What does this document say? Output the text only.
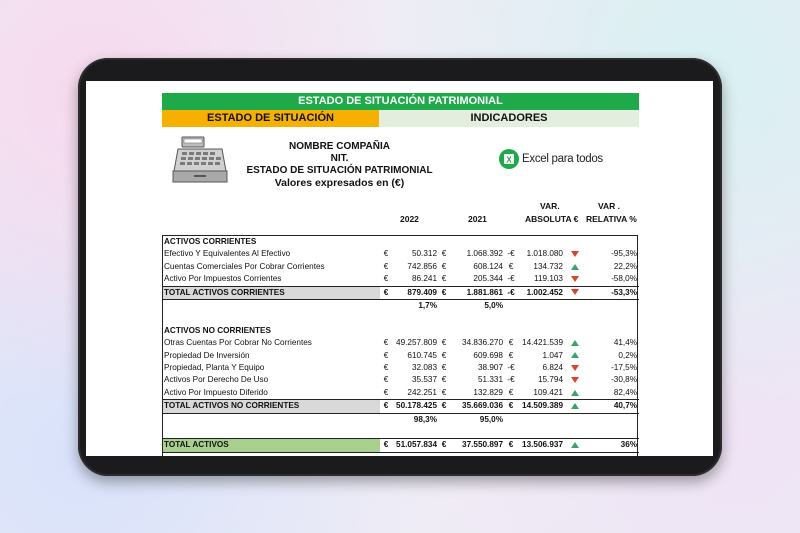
ESTADO DE SITUACIÓN PATRIMONIAL
ESTADO DE SITUACIÓN	INDICADORES
NOMBRE COMPAÑIA
NIT.
ESTADO DE SITUACIÓN PATRIMONIAL
Valores expresados en (€)
X Excel para todos
2022	2021
VAR.
ABSOLUTA €
VAR .
RELATIVA %
ACTIVOS CORRIENTES								
Efectivo Y Equivalentes Al Efectivo	€	50.312	€	1.068.392	-€	1.018.080		-95,3%
Cuentas Comerciales Por Cobrar Corrientes	€	742.856	€	608.124	€	134.732		22,2%
Activo Por Impuestos Corrientes	€	86.241	€	205.344	-€	119.103		-58,0%
TOTAL ACTIVOS CORRIENTES	€	879.409	€	1.881.861	-€	1.002.452		-53,3%
		1,7%		5,0%				

ACTIVOS NO CORRIENTES								
Otras Cuentas Por Cobrar No Corrientes	€	49.257.809	€	34.836.270	€	14.421.539		41,4%
Propiedad De Inversión	€	610.745	€	609.698	€	1.047		0,2%
Propiedad, Planta Y Equipo	€	32.083	€	38.907	-€	6.824		-17,5%
Activos Por Derecho De Uso	€	35.537	€	51.331	-€	15.794		-30,8%
Activo Por Impuesto Diferido	€	242.251	€	132.829	€	109.421		82,4%
TOTAL ACTIVOS NO CORRIENTES	€	50.178.425	€	35.669.036	€	14.509.389		40,7%
		98,3%		95,0%				

TOTAL ACTIVOS	€	51.057.834	€	37.550.897	€	13.506.937		36%
